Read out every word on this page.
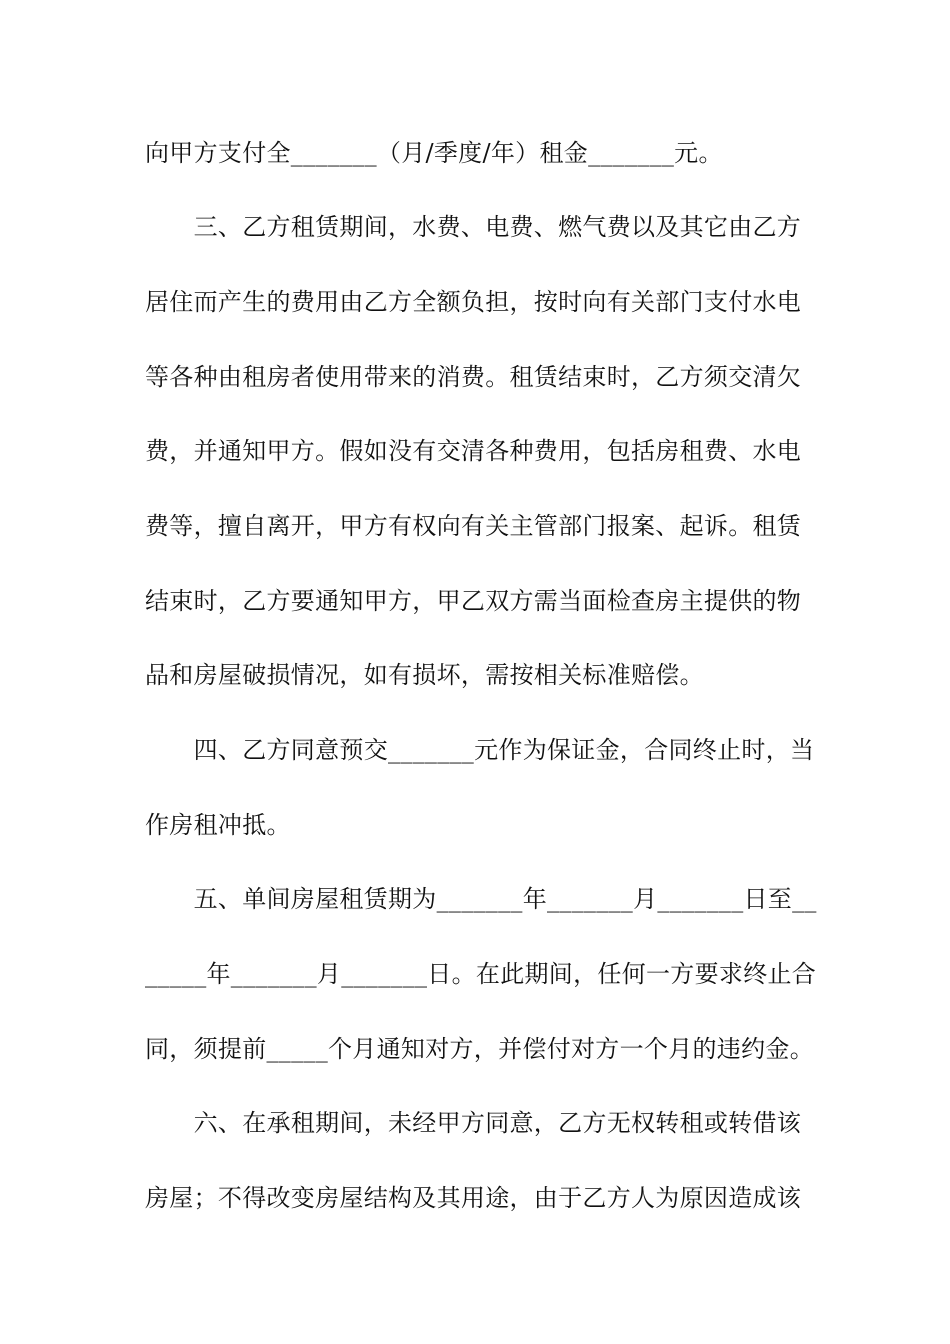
向甲方支付全_______（月/季度/年）租金_______元。
　　三、乙方租赁期间，水费、电费、燃气费以及其它由乙方
居住而产生的费用由乙方全额负担，按时向有关部门支付水电
等各种由租房者使用带来的消费。租赁结束时，乙方须交清欠
费，并通知甲方。假如没有交清各种费用，包括房租费、水电
费等，擅自离开，甲方有权向有关主管部门报案、起诉。租赁
结束时，乙方要通知甲方，甲乙双方需当面检查房主提供的物
品和房屋破损情况，如有损坏，需按相关标准赔偿。
　　四、乙方同意预交_______元作为保证金，合同终止时，当
作房租冲抵。
　　五、单间房屋租赁期为_______年_______月_______日至__
_____年_______月_______日。在此期间，任何一方要求终止合
同，须提前_____个月通知对方，并偿付对方一个月的违约金。
　　六、在承租期间，未经甲方同意，乙方无权转租或转借该
房屋；不得改变房屋结构及其用途，由于乙方人为原因造成该
